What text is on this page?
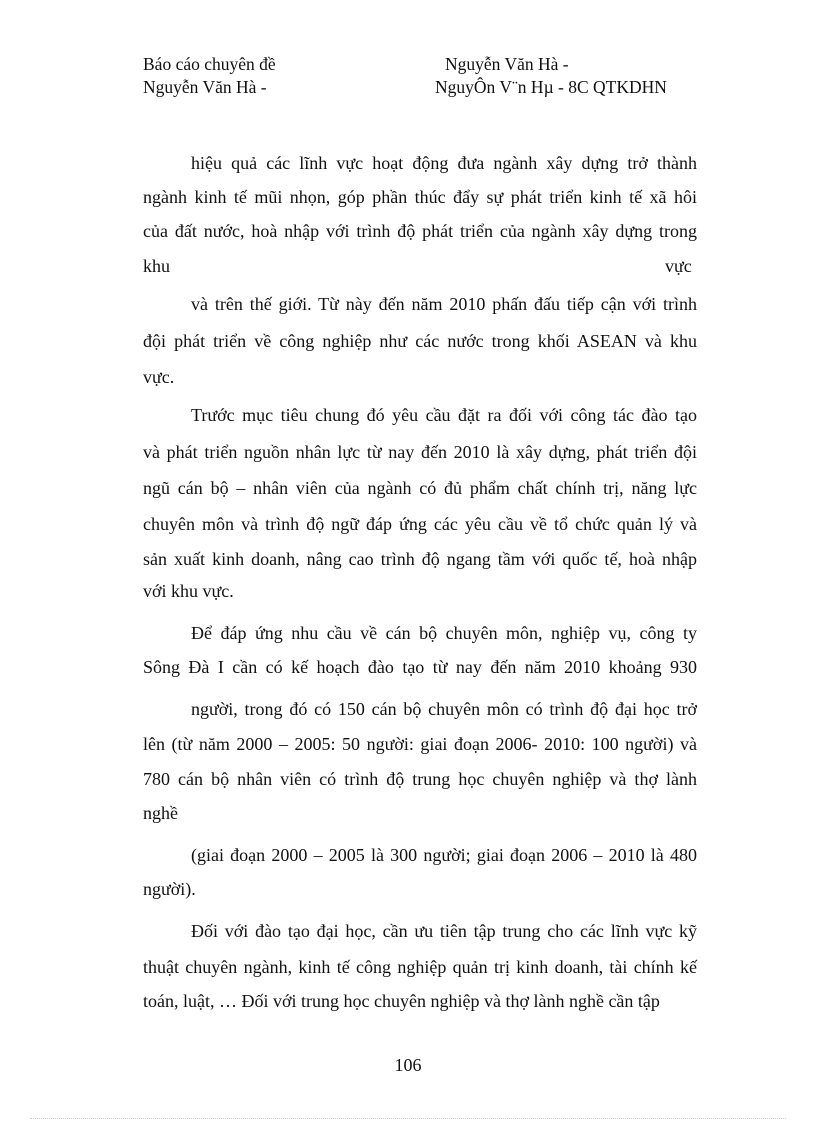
Báo cáo chuyên đề	Nguyễn Văn Hà -
Nguyễn Văn Hà -	NguyÔn V¨n Hµ - 8C QTKDHN
hiệu quả các lĩnh vực hoạt động đưa ngành xây dựng trở thành
ngành kinh tế mũi nhọn, góp phần thúc đẩy sự phát triển kinh tế xã hôi
của đất nước, hoà nhập với trình độ phát triển của ngành xây dựng trong
khu	vực
và trên thế giới. Từ này đến năm 2010 phấn đấu tiếp cận với trình
đội phát triển về công nghiệp như các nước trong khối ASEAN và khu
vực.
Trước mục tiêu chung đó yêu cầu đặt ra đối với công tác đào tạo
và phát triển nguồn nhân lực từ nay đến 2010 là xây dựng, phát triển đội
ngũ cán bộ – nhân viên của ngành có đủ phẩm chất chính trị, năng lực
chuyên môn và trình độ ngữ đáp ứng các yêu cầu về tổ chức quản lý và
sản xuất kinh doanh, nâng cao trình độ ngang tầm với quốc tế, hoà nhập
với khu vực.
Để đáp ứng nhu cầu về cán bộ chuyên môn, nghiệp vụ, công ty
Sông Đà I cần có kế hoạch đào tạo từ nay đến năm 2010 khoảng 930
người, trong đó có 150 cán bộ chuyên môn có trình độ đại học trở
lên (từ năm 2000 – 2005: 50 người: giai đoạn 2006- 2010: 100 người) và
780 cán bộ nhân viên có trình độ trung học chuyên nghiệp và thợ lành
nghề
(giai đoạn 2000 – 2005 là 300 người; giai đoạn 2006 – 2010 là 480
người).
Đối với đào tạo đại học, cần ưu tiên tập trung cho các lĩnh vực kỹ
thuật chuyên ngành, kinh tế công nghiệp quản trị kinh doanh, tài chính kế
toán, luật, … Đối với trung học chuyên nghiệp và thợ lành nghề cần tập
106
